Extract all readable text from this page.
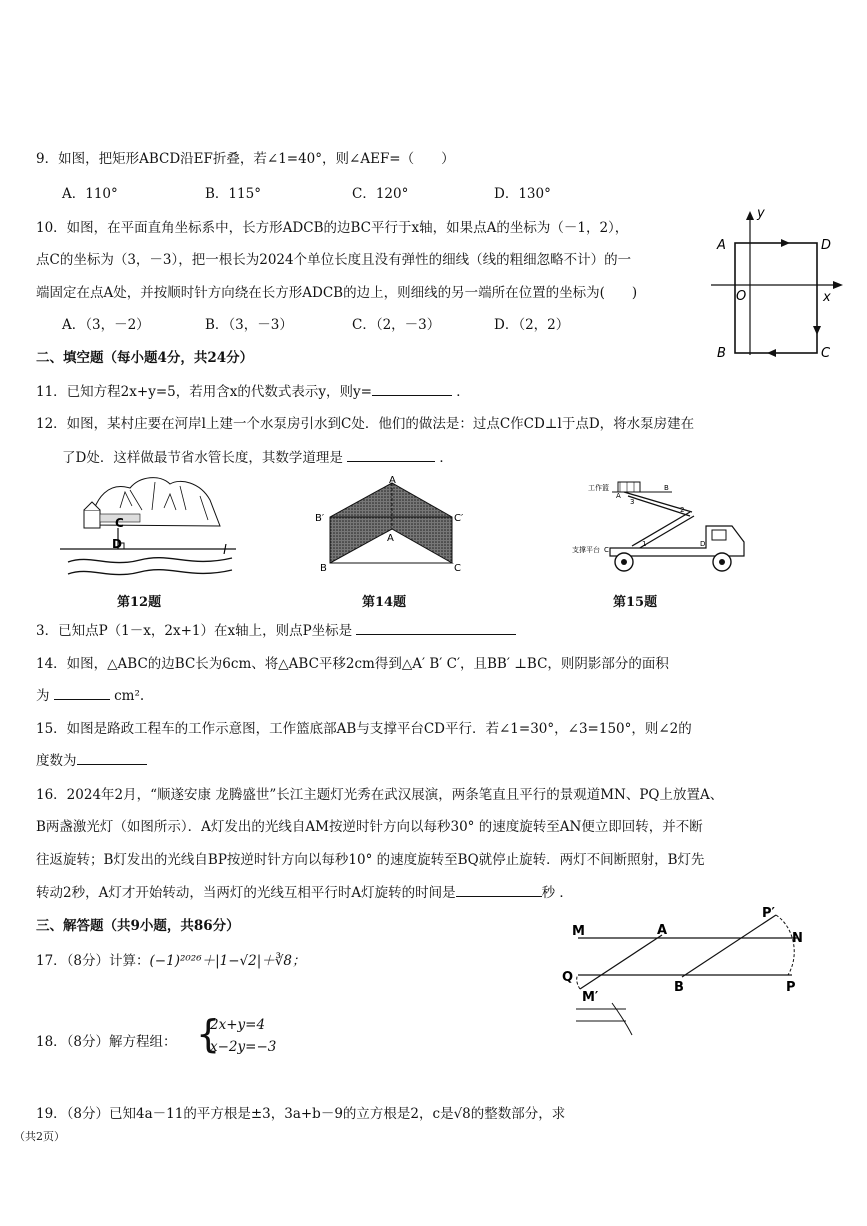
9．如图，把矩形ABCD沿EF折叠，若∠1=40°，则∠AEF=（　　）
A．110°	B．115°	C．120°	D．130°
10．如图，在平面直角坐标系中，长方形ADCB的边BC平行于x轴，如果点A的坐标为（－1，2），
点C的坐标为（3，－3），把一根长为2024个单位长度且没有弹性的细线（线的粗细忽略不计）的一
端固定在点A处，并按顺时针方向绕在长方形ADCB的边上，则细线的另一端所在位置的坐标为(　　)
A．（3，－2）	B．（3，－3）	C．（2，－3）	D．（2，2）
y
x
O
A	D
B	C
二、填空题（每小题4分，共24分）
11．已知方程2x+y=5，若用含x的代数式表示y，则y=	．
12．如图，某村庄要在河岸l上建一个水泵房引水到C处．他们的做法是：过点C作CD⊥l于点D，将水泵房建在
了D处．这样做最节省水管长度，其数学道理是	．
C
D	l
第12题
A
A
B′	C′
B	C
第14题
工作篮
支撑平台
A
B
C
D
1
2
3
第15题
3．已知点P（1－x，2x+1）在x轴上，则点P坐标是
14．如图，△ABC的边BC长为6cm、将△ABC平移2cm得到△A′ B′ C′，且BB′ ⊥BC，则阴影部分的面积
为	cm².
15．如图是路政工程车的工作示意图，工作篮底部AB与支撑平台CD平行．若∠1=30°，∠3=150°，则∠2的
度数为
16．2024年2月，“顺遂安康 龙腾盛世”长江主题灯光秀在武汉展演，两条笔直且平行的景观道MN、PQ上放置A、
B两盏激光灯（如图所示）．A灯发出的光线自AM按逆时针方向以每秒30° 的速度旋转至AN便立即回转，并不断
往返旋转；B灯发出的光线自BP按逆时针方向以每秒10° 的速度旋转至BQ就停止旋转．两灯不间断照射，B灯先
转动2秒，A灯才开始转动，当两灯的光线互相平行时A灯旋转的时间是	秒 ．
三、解答题（共9小题，共86分）	M	A
P′
N
Q
M′
B	P
17．（8分）计算：(−1)²⁰²⁶＋|1−√2|＋∛8；
18．（8分）解方程组： {
2x+y=4
x−2y=−3
19．（8分）已知4a－11的平方根是±3，3a+b－9的立方根是2，c是√8的整数部分，求
（共2页）
